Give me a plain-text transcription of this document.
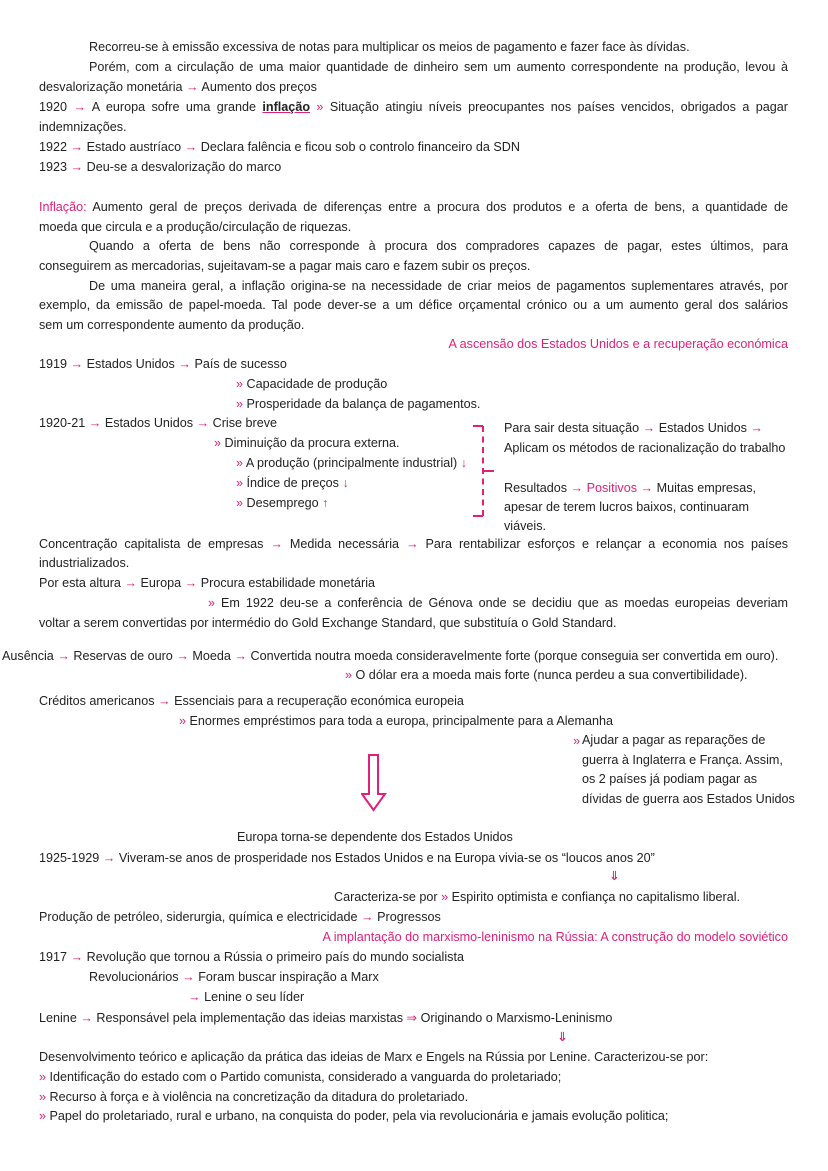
Recorreu-se à emissão excessiva de notas para multiplicar os meios de pagamento e fazer face às dívidas.
Porém, com a circulação de uma maior quantidade de dinheiro sem um aumento correspondente na produção, levou à
desvalorização monetária → Aumento dos preços
1920 → A europa sofre uma grande inflação » Situação atingiu níveis preocupantes nos países vencidos, obrigados a pagar
indemnizações.
1922 → Estado austríaco → Declara falência e ficou sob o controlo financeiro da SDN
1923 → Deu-se a desvalorização do marco
Inflação: Aumento geral de preços derivada de diferenças entre a procura dos produtos e a oferta de bens, a quantidade de
moeda que circula e a produção/circulação de riquezas.
Quando a oferta de bens não corresponde à procura dos compradores capazes de pagar, estes últimos, para
conseguirem as mercadorias, sujeitavam-se a pagar mais caro e fazem subir os preços.
De uma maneira geral, a inflação origina-se na necessidade de criar meios de pagamentos suplementares através, por
exemplo, da emissão de papel-moeda. Tal pode dever-se a um défice orçamental crónico ou a um aumento geral dos salários
sem um correspondente aumento da produção.
A ascensão dos Estados Unidos e a recuperação económica
1919 → Estados Unidos → País de sucesso
» Capacidade de produção
» Prosperidade da balança de pagamentos.
1920-21 → Estados Unidos → Crise breve
» Diminuição da procura externa.
» A produção (principalmente industrial) ↓
» Índice de preços ↓
» Desemprego ↑
Para sair desta situação → Estados Unidos →
Aplicam os métodos de racionalização do trabalho
Resultados → Positivos → Muitas empresas,
apesar de terem lucros baixos, continuaram
viáveis.
Concentração capitalista de empresas → Medida necessária → Para rentabilizar esforços e relançar a economia nos países
industrializados.
Por esta altura → Europa → Procura estabilidade monetária
» Em 1922 deu-se a conferência de Génova onde se decidiu que as moedas europeias deveriam
voltar a serem convertidas por intermédio do Gold Exchange Standard, que substituía o Gold Standard.
Ausência → Reservas de ouro → Moeda → Convertida noutra moeda consideravelmente forte (porque conseguia ser convertida em ouro).
» O dólar era a moeda mais forte (nunca perdeu a sua convertibilidade).
Créditos americanos → Essenciais para a recuperação económica europeia
» Enormes empréstimos para toda a europa, principalmente para a Alemanha
» Ajudar a pagar as reparações de guerra à Inglaterra e França. Assim, os 2 países já podiam pagar as dívidas de guerra aos Estados Unidos
Europa torna-se dependente dos Estados Unidos
1925-1929 → Viveram-se anos de prosperidade nos Estados Unidos e na Europa vivia-se os “loucos anos 20”
⇓
Caracteriza-se por » Espirito optimista e confiança no capitalismo liberal.
Produção de petróleo, siderurgia, química e electricidade → Progressos
A implantação do marxismo-leninismo na Rússia: A construção do modelo soviético
1917 → Revolução que tornou a Rússia o primeiro país do mundo socialista
Revolucionários → Foram buscar inspiração a Marx
→ Lenine o seu líder
Lenine → Responsável pela implementação das ideias marxistas ⇒ Originando o Marxismo-Leninismo
⇓
Desenvolvimento teórico e aplicação da prática das ideias de Marx e Engels na Rússia por Lenine. Caracterizou-se por:
» Identificação do estado com o Partido comunista, considerado a vanguarda do proletariado;
» Recurso à força e à violência na concretização da ditadura do proletariado.
» Papel do proletariado, rural e urbano, na conquista do poder, pela via revolucionária e jamais evolução politica;
